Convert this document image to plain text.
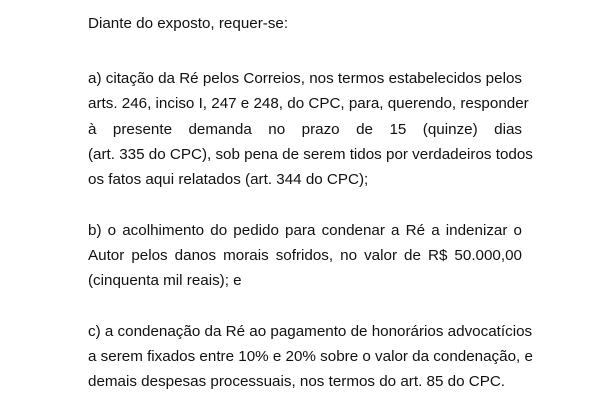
Diante do exposto, requer-se:
a) citação da Ré pelos Correios, nos termos estabelecidos pelos
arts. 246, inciso I, 247 e 248, do CPC, para, querendo, responder
à presente demanda no prazo de 15 (quinze) dias
(art. 335 do CPC), sob pena de serem tidos por verdadeiros todos
os fatos aqui relatados (art. 344 do CPC);
b) o acolhimento do pedido para condenar a Ré a indenizar o
Autor pelos danos morais sofridos, no valor de R$ 50.000,00
(cinquenta mil reais); e
c) a condenação da Ré ao pagamento de honorários advocatícios
a serem fixados entre 10% e 20% sobre o valor da condenação, e
demais despesas processuais, nos termos do art. 85 do CPC.
